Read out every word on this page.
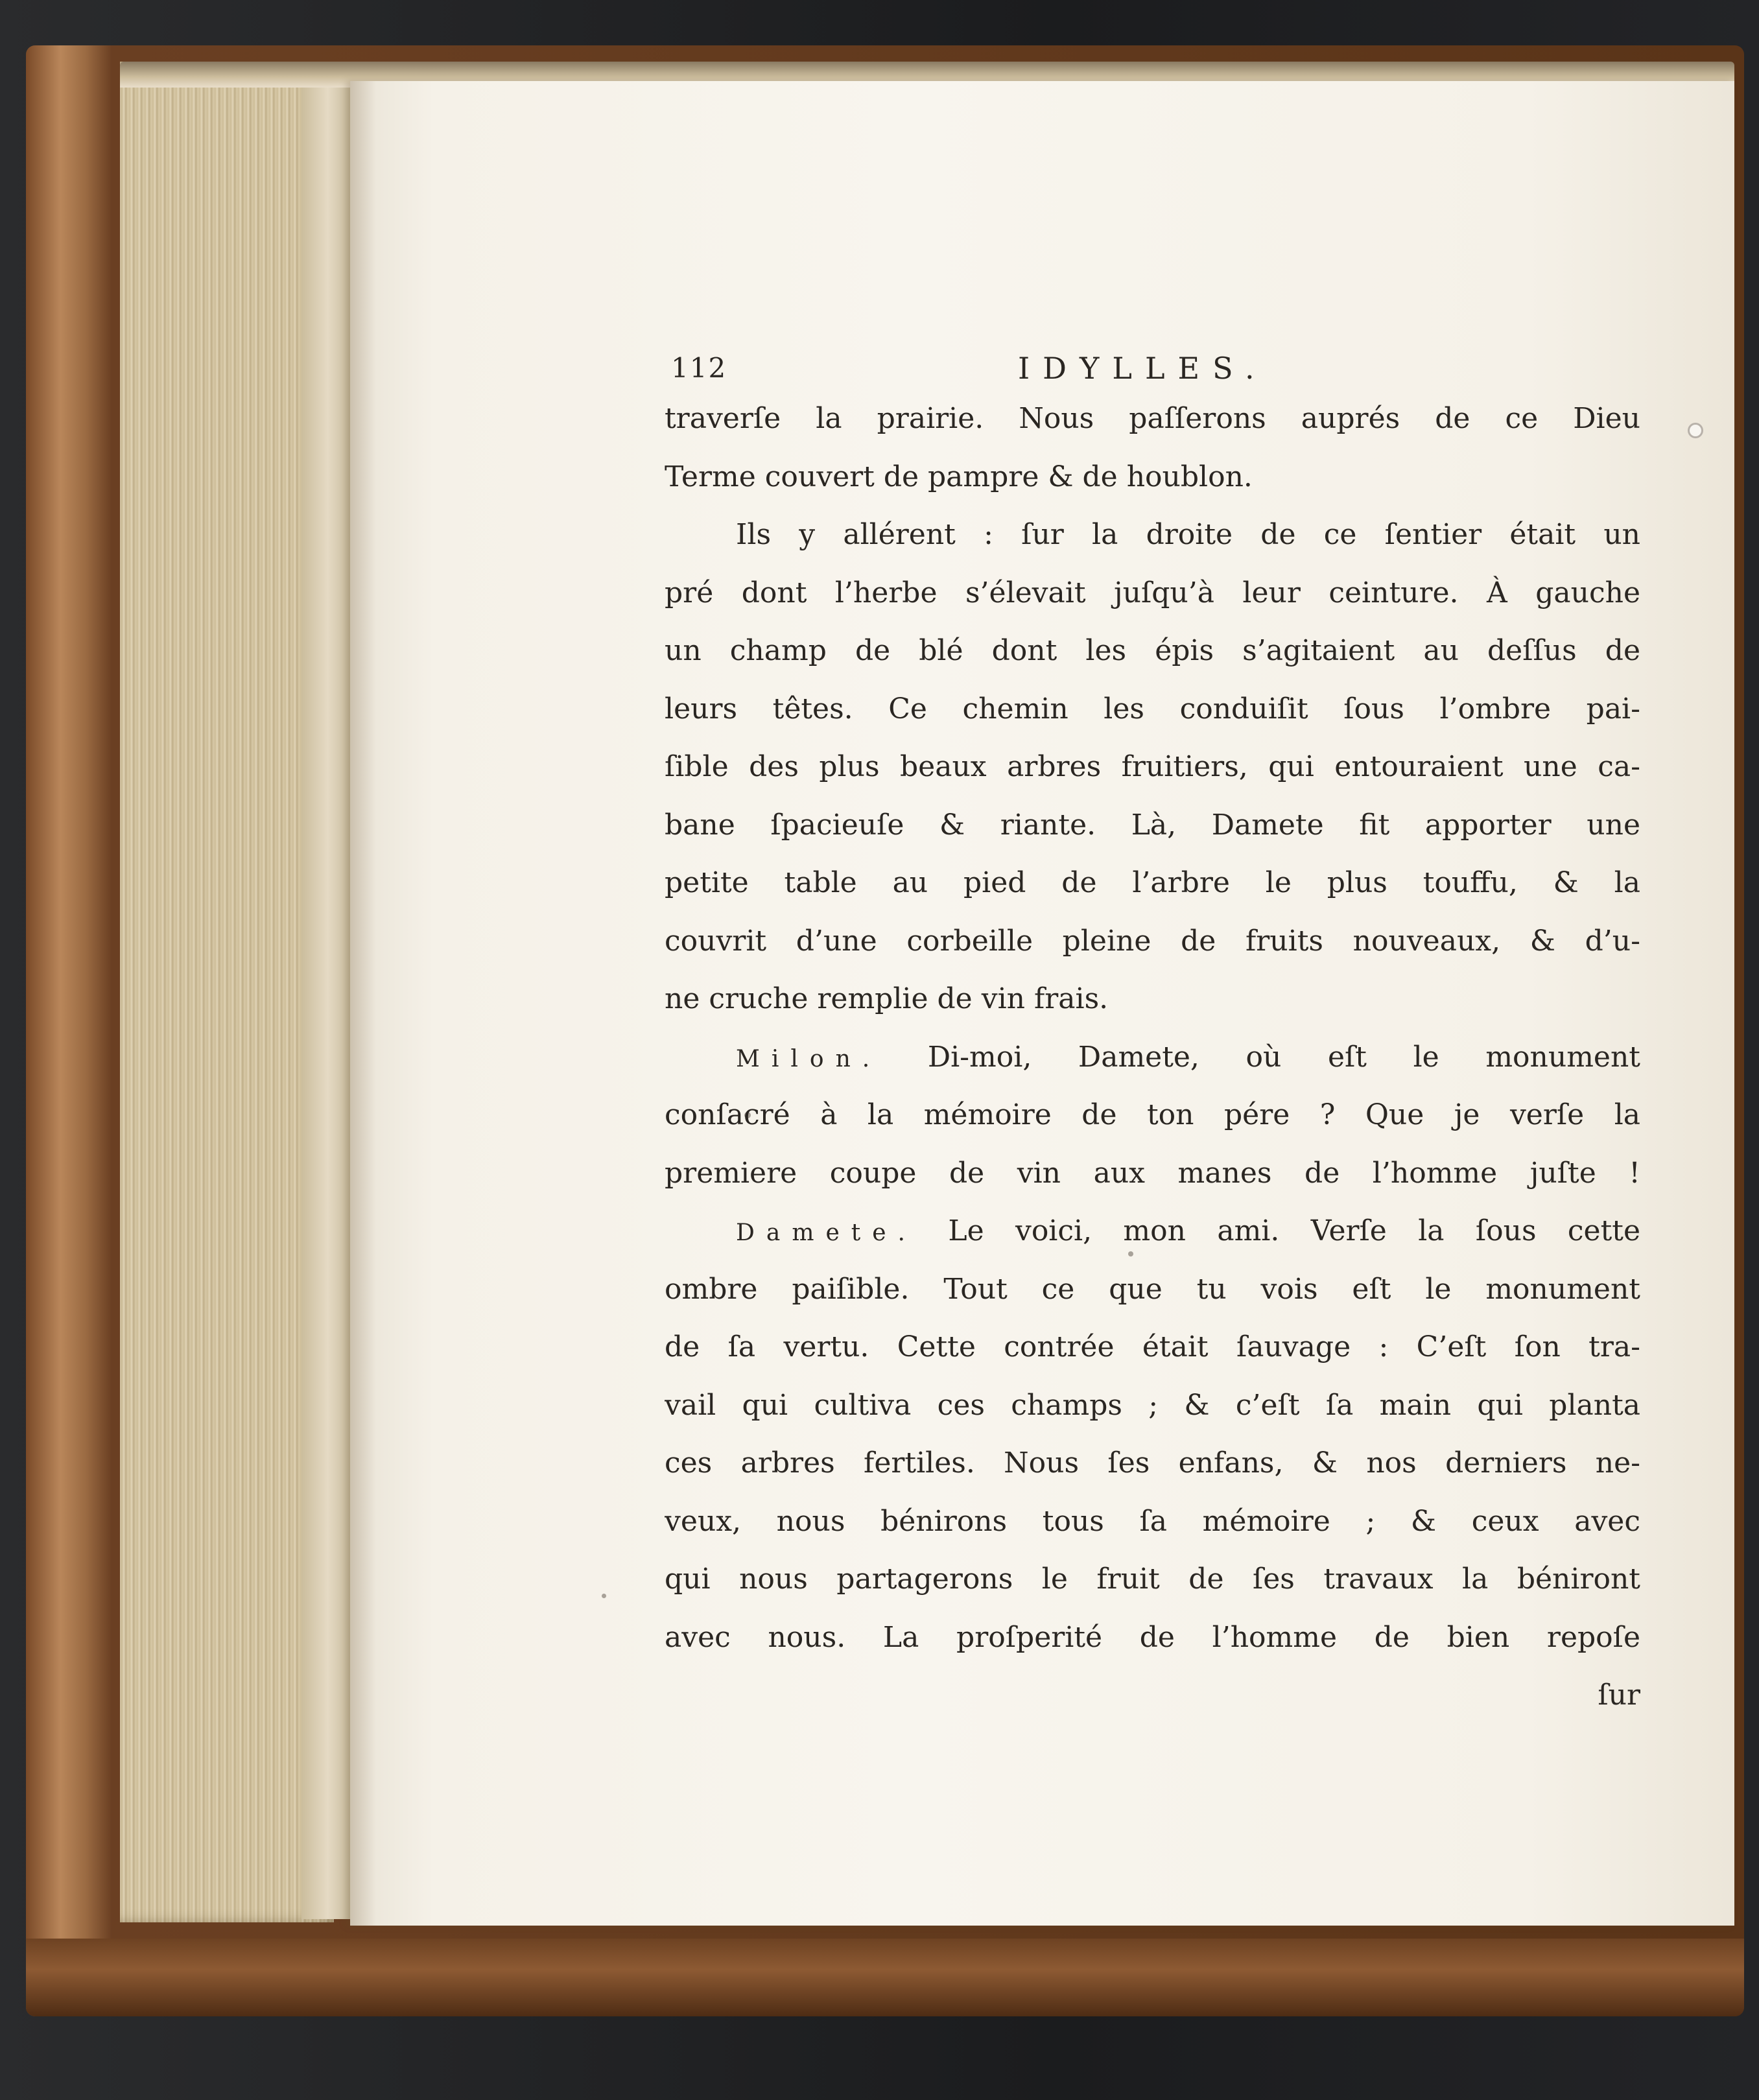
112	IDYLLES.
traverſe la prairie. Nous paſſerons auprés de ce Dieu
Terme couvert de pampre & de houblon.
Ils y allérent : ſur la droite de ce ſentier était un
pré dont l’herbe s’élevait juſqu’à leur ceinture. À gauche
un champ de blé dont les épis s’agitaient au deſſus de
leurs têtes. Ce chemin les conduiſit ſous l’ombre pai-
ſible des plus beaux arbres fruitiers, qui entouraient une ca-
bane ſpacieuſe & riante. Là, Damete fit apporter une
petite table au pied de l’arbre le plus touffu, & la
couvrit d’une corbeille pleine de fruits nouveaux, & d’u-
ne cruche remplie de vin frais.
Milon. Di-moi, Damete, où eſt le monument
conſacré à la mémoire de ton pére ? Que je verſe la
premiere coupe de vin aux manes de l’homme juſte !
Damete. Le voici, mon ami. Verſe la ſous cette
ombre paiſible. Tout ce que tu vois eſt le monument
de ſa vertu. Cette contrée était ſauvage : C’eſt ſon tra-
vail qui cultiva ces champs ; & c’eſt ſa main qui planta
ces arbres fertiles. Nous ſes enfans, & nos derniers ne-
veux, nous bénirons tous ſa mémoire ; & ceux avec
qui nous partagerons le fruit de ſes travaux la béniront
avec nous. La proſperité de l’homme de bien repoſe
ſur
